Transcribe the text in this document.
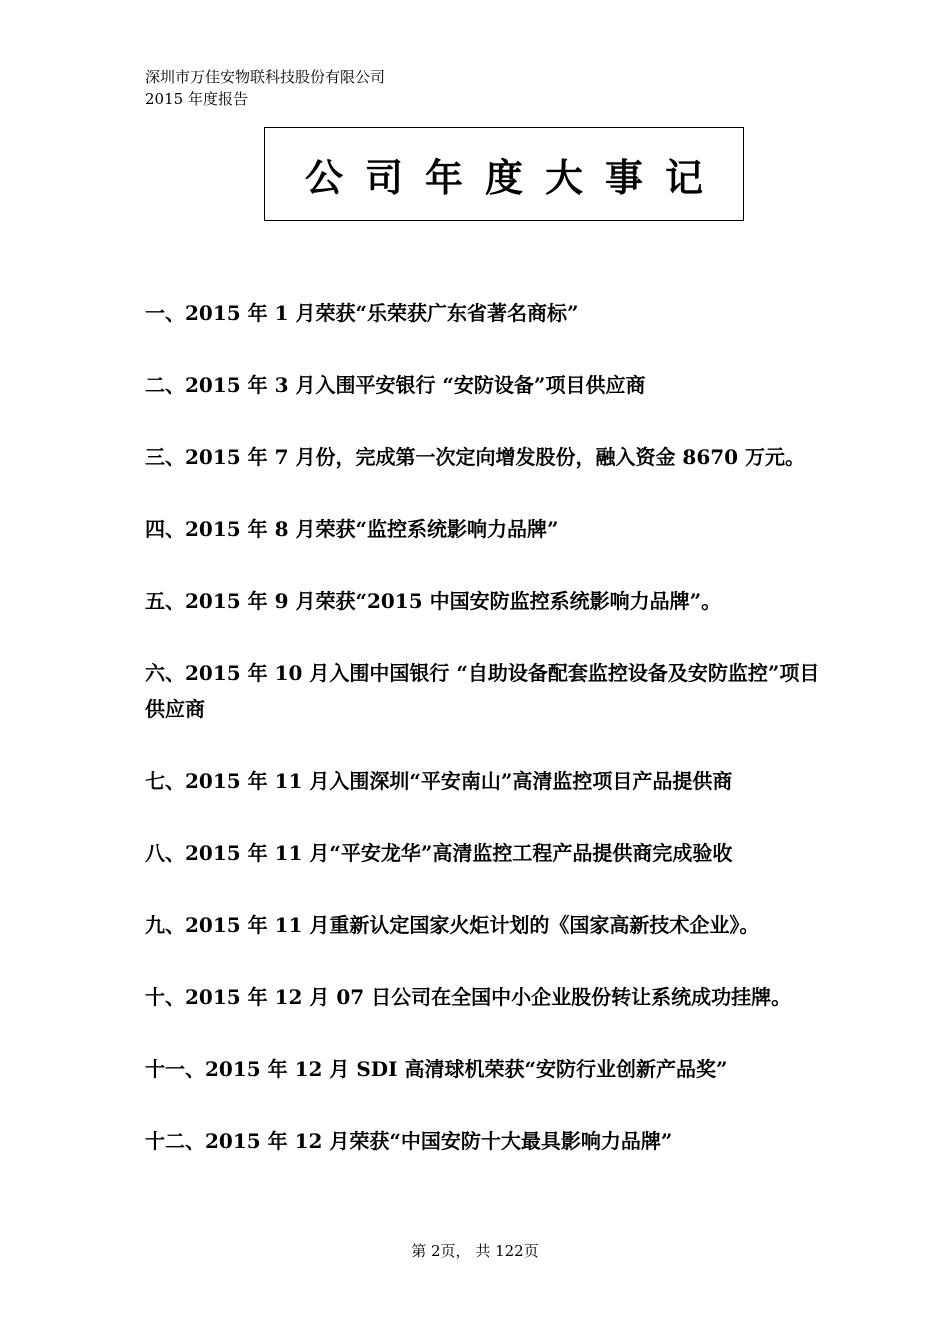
深圳市万佳安物联科技股份有限公司
2015 年度报告
公司年度大事记
一、2015 年 1 月荣获“乐荣获广东省著名商标”
二、2015 年 3 月入围平安银行 “安防设备”项目供应商
三、2015 年 7 月份，完成第一次定向增发股份，融入资金 8670 万元。
四、2015 年 8 月荣获“监控系统影响力品牌”
五、2015 年 9 月荣获“2015 中国安防监控系统影响力品牌”。
六、2015 年 10 月入围中国银行 “自助设备配套监控设备及安防监控”项目供应商
七、2015 年 11 月入围深圳“平安南山”高清监控项目产品提供商
八、2015 年 11 月“平安龙华”高清监控工程产品提供商完成验收
九、2015 年 11 月重新认定国家火炬计划的《国家高新技术企业》。
十、2015 年 12 月 07 日公司在全国中小企业股份转让系统成功挂牌。
十一、2015 年 12 月 SDI 高清球机荣获“安防行业创新产品奖”
十二、2015 年 12 月荣获“中国安防十大最具影响力品牌”
第 2页， 共 122页
